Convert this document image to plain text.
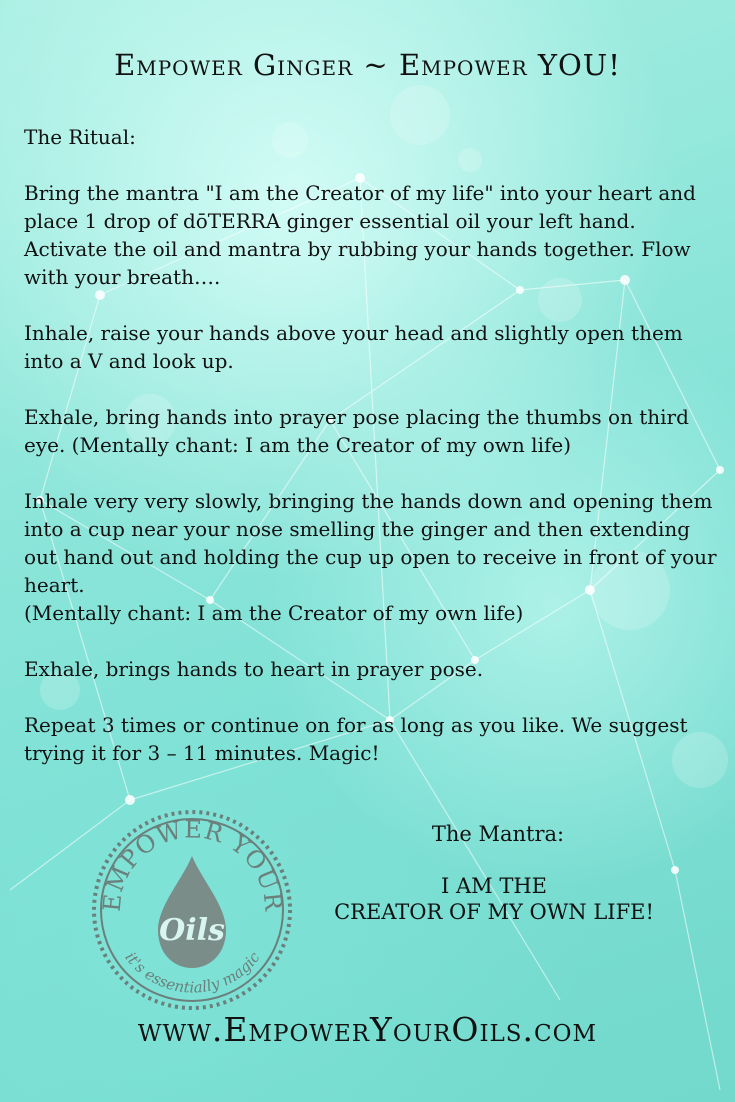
Empower Ginger ~ Empower YOU!

The Ritual:

Bring the mantra "I am the Creator of my life" into your heart and place 1 drop of dōTERRA ginger essential oil your left hand. Activate the oil and mantra by rubbing your hands together. Flow with your breath….

Inhale, raise your hands above your head and slightly open them into a V and look up.

Exhale, bring hands into prayer pose placing the thumbs on third eye. (Mentally chant: I am the Creator of my own life)

Inhale very very slowly, bringing the hands down and opening them into a cup near your nose smelling the ginger and then extending out hand out and holding the cup up open to receive in front of your heart.

(Mentally chant: I am the Creator of my own life)

Exhale, brings hands to heart in prayer pose.

Repeat 3 times or continue on for as long as you like. We suggest trying it for 3 – 11 minutes. Magic!

EMPOWER YOUR
Oils
it's essentially magic
The Mantra:
I AM THE
CREATOR OF MY OWN LIFE!
www.EmpowerYourOils.com
